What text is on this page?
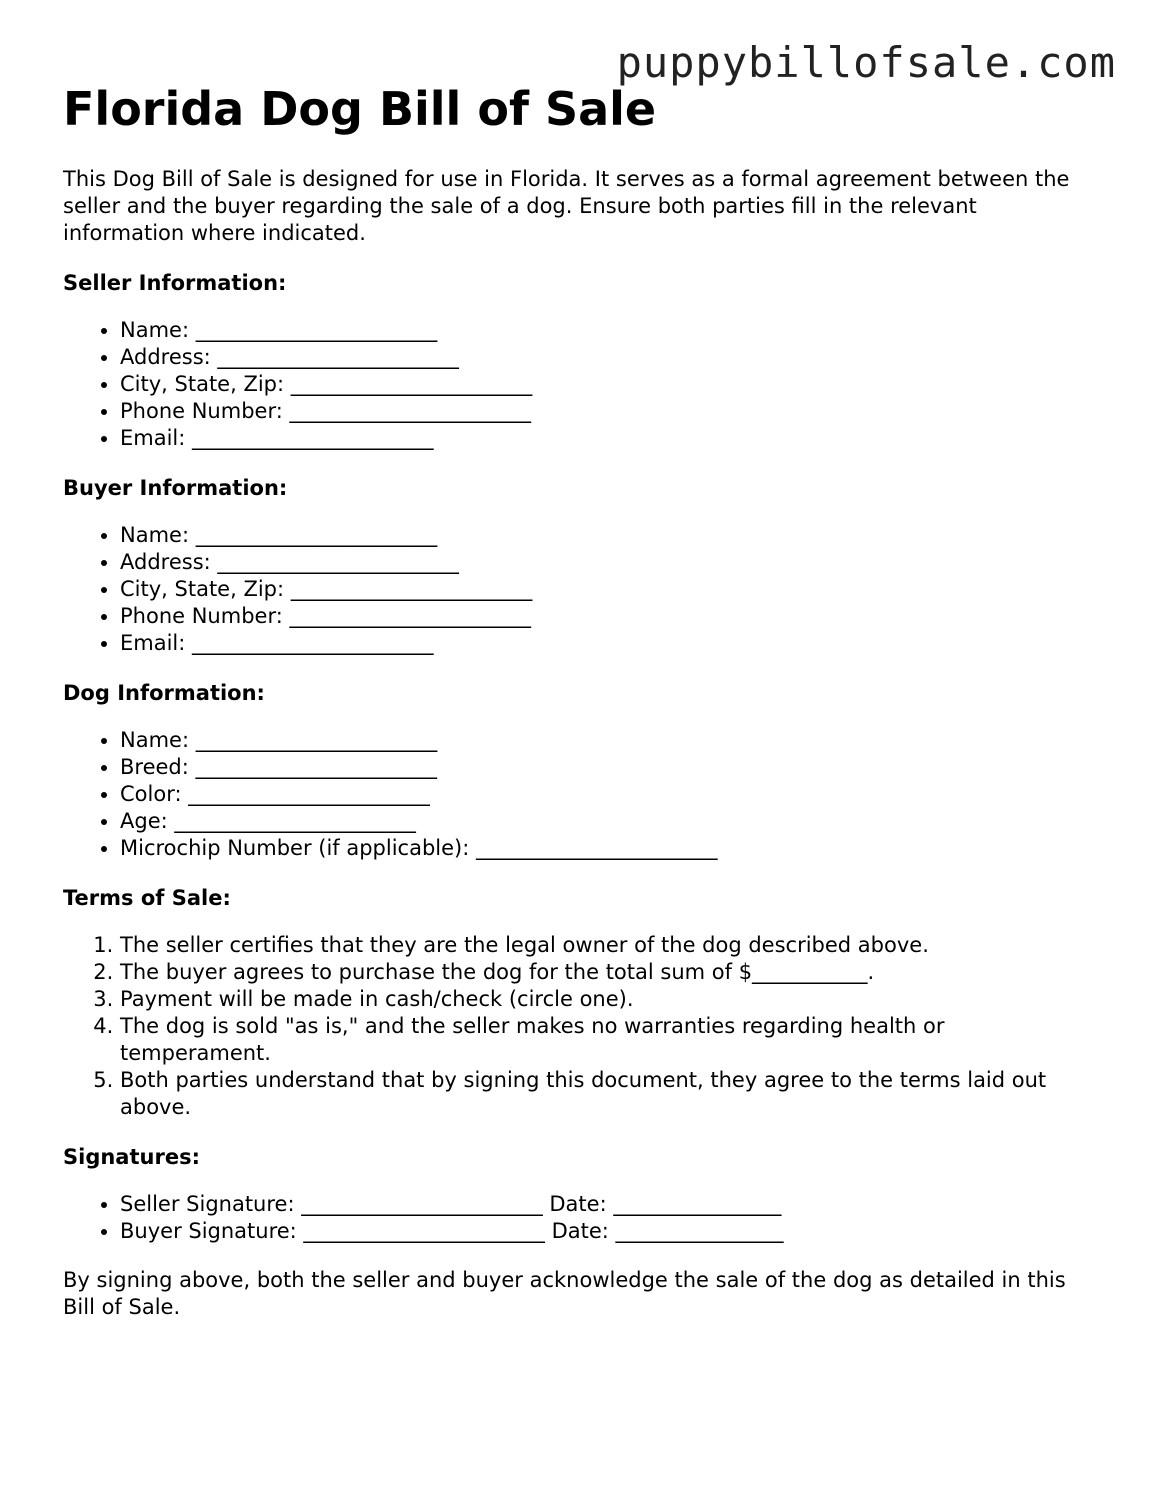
puppybillofsale.com
Florida Dog Bill of Sale

This Dog Bill of Sale is designed for use in Florida. It serves as a formal agreement between the seller and the buyer regarding the sale of a dog. Ensure both parties fill in the relevant information where indicated.

Seller Information:
• Name: _______________________
• Address: _______________________
• City, State, Zip: _______________________
• Phone Number: _______________________
• Email: _______________________
Buyer Information:
• Name: _______________________
• Address: _______________________
• City, State, Zip: _______________________
• Phone Number: _______________________
• Email: _______________________
Dog Information:
• Name: _______________________
• Breed: _______________________
• Color: _______________________
• Age: _______________________
• Microchip Number (if applicable): _______________________
Terms of Sale:
1. The seller certifies that they are the legal owner of the dog described above.
2. The buyer agrees to purchase the dog for the total sum of $___________.
3. Payment will be made in cash/check (circle one).
4. The dog is sold "as is," and the seller makes no warranties regarding health or temperament.
5. Both parties understand that by signing this document, they agree to the terms laid out above.
Signatures:
• Seller Signature: _______________________ Date: ________________
• Buyer Signature: _______________________ Date: ________________

By signing above, both the seller and buyer acknowledge the sale of the dog as detailed in this Bill of Sale.
